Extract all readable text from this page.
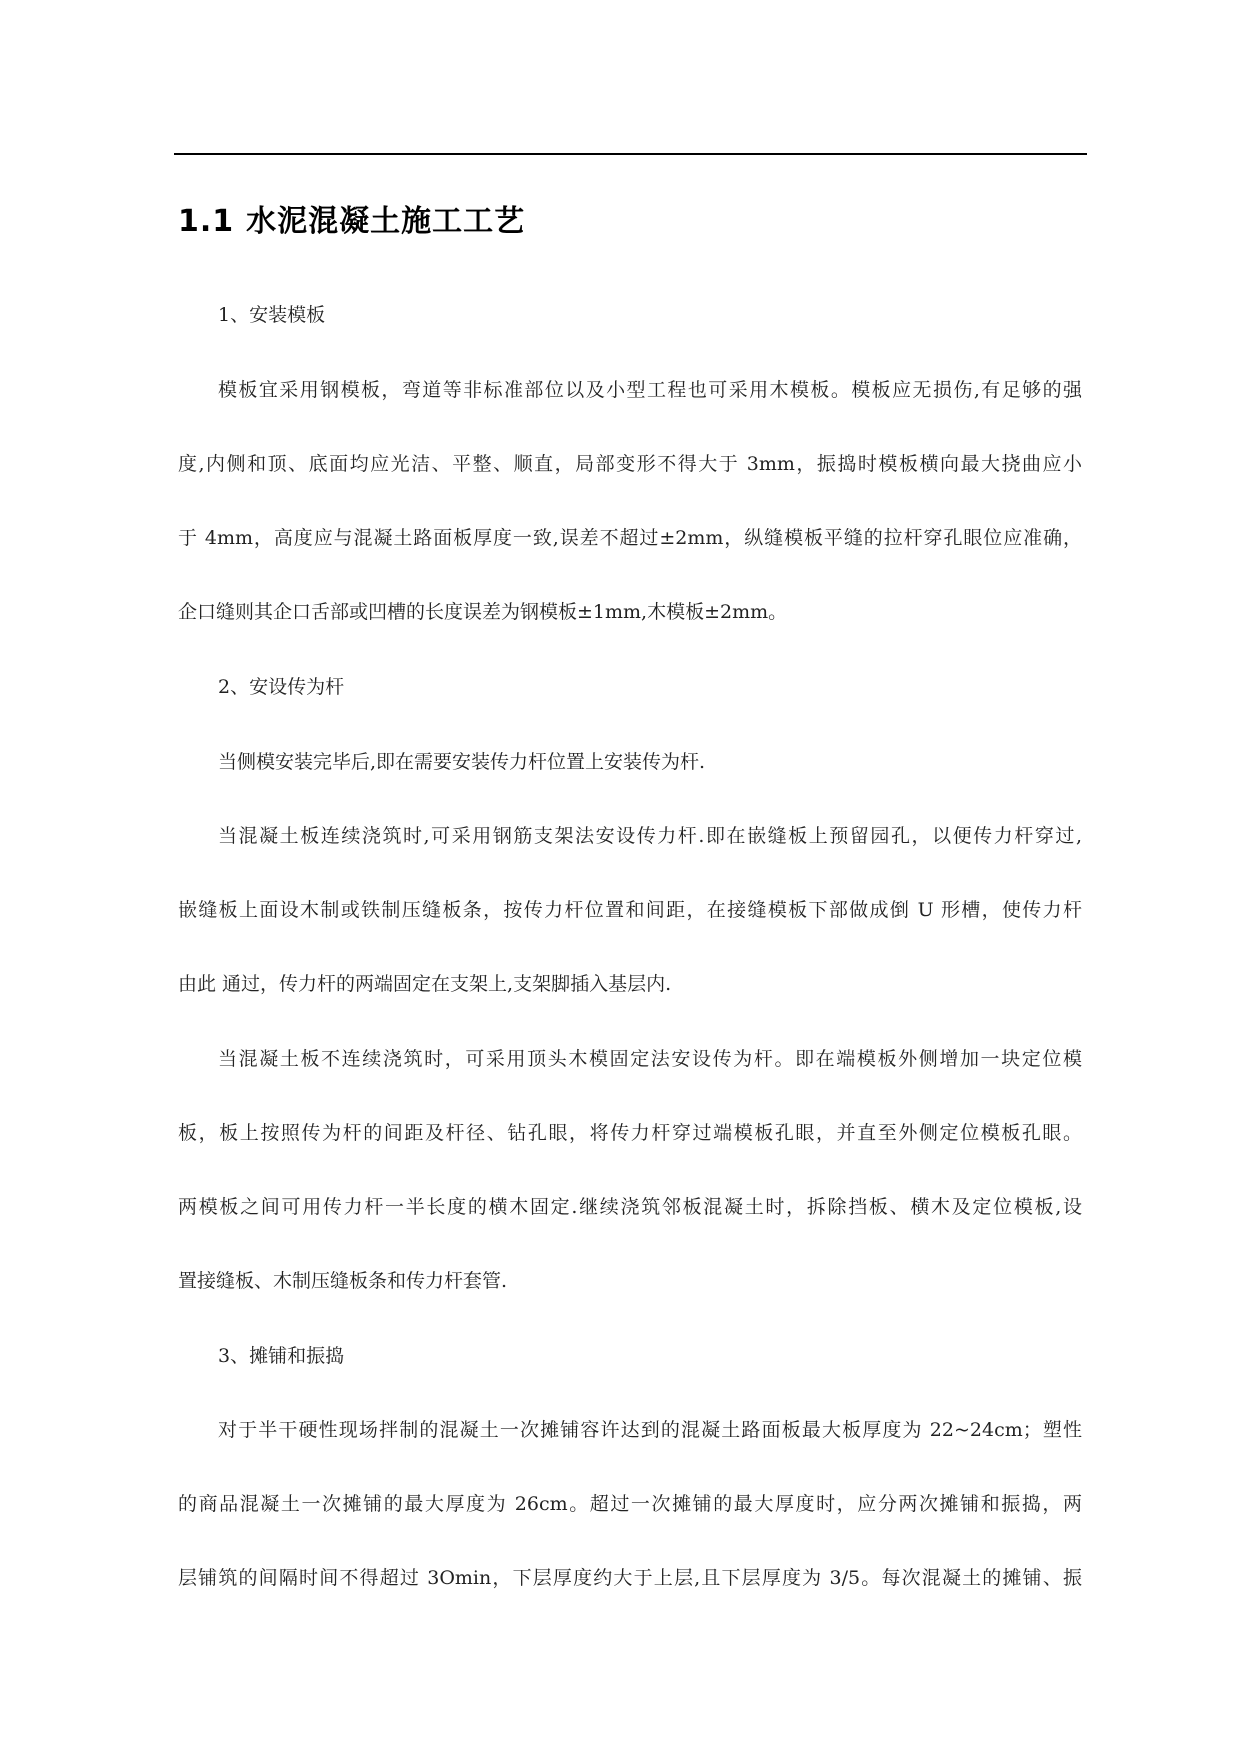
1.1 水泥混凝土施工工艺

1、安装模板

模板宜采用钢模板，弯道等非标准部位以及小型工程也可采用木模板。模板应无损伤,有足够的强

度,内侧和顶、底面均应光洁、平整、顺直，局部变形不得大于 3mm，振捣时模板横向最大挠曲应小

于 4mm，高度应与混凝土路面板厚度一致,误差不超过±2mm，纵缝模板平缝的拉杆穿孔眼位应准确，

企口缝则其企口舌部或凹槽的长度误差为钢模板±1mm,木模板±2mm。

2、安设传为杆

当侧模安装完毕后,即在需要安装传力杆位置上安装传为杆.

当混凝土板连续浇筑时,可采用钢筋支架法安设传力杆.即在嵌缝板上预留园孔，以便传力杆穿过,

嵌缝板上面设木制或铁制压缝板条，按传力杆位置和间距，在接缝模板下部做成倒 U 形槽，使传力杆

由此 通过，传力杆的两端固定在支架上,支架脚插入基层内.

当混凝土板不连续浇筑时，可采用顶头木模固定法安设传为杆。即在端模板外侧增加一块定位模

板，板上按照传为杆的间距及杆径、钻孔眼，将传力杆穿过端模板孔眼，并直至外侧定位模板孔眼。

两模板之间可用传力杆一半长度的横木固定.继续浇筑邻板混凝土时，拆除挡板、横木及定位模板,设

置接缝板、木制压缝板条和传力杆套管.

3、摊铺和振捣

对于半干硬性现场拌制的混凝土一次摊铺容许达到的混凝土路面板最大板厚度为 22~24cm；塑性

的商品混凝土一次摊铺的最大厚度为 26cm。超过一次摊铺的最大厚度时，应分两次摊铺和振捣，两

层铺筑的间隔时间不得超过 3Omin，下层厚度约大于上层,且下层厚度为 3/5。每次混凝土的摊铺、振
